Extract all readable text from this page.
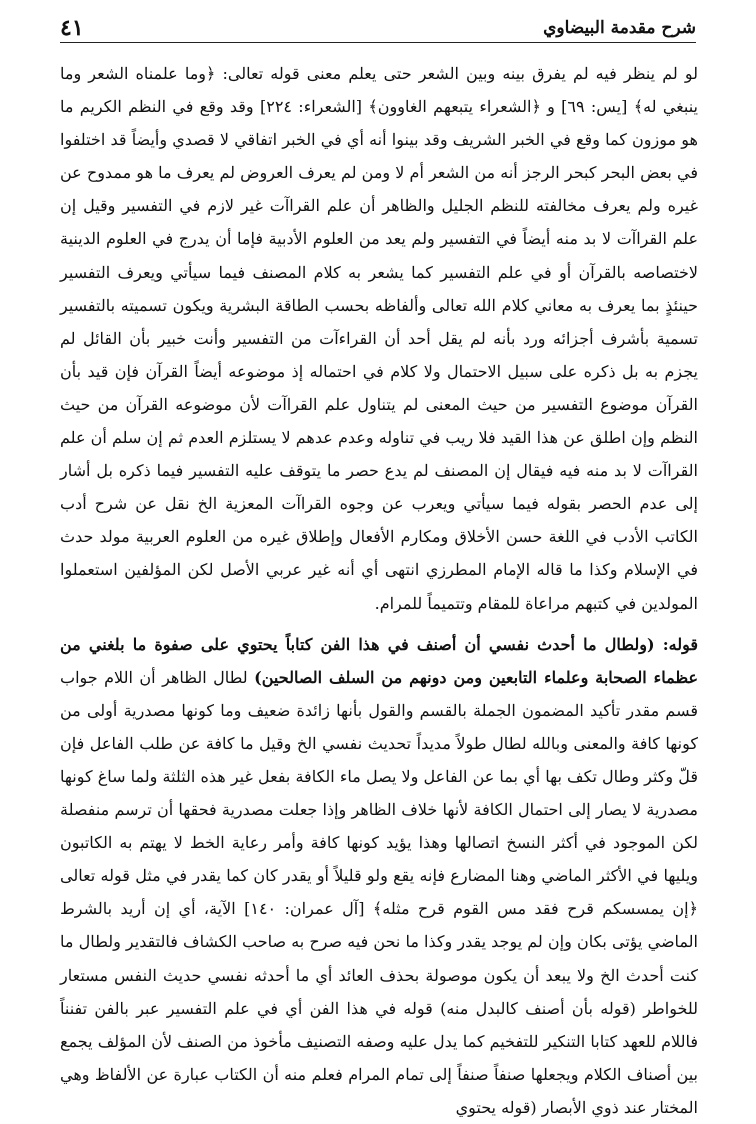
شرح مقدمة البيضاوي
٤١

لو لم ينظر فيه لم يفرق بينه وبين الشعر حتى يعلم معنى قوله تعالى: ﴿وما علمناه الشعر وما ينبغي له﴾ [يس: ٦٩] و ﴿الشعراء يتبعهم الغاوون﴾ [الشعراء: ٢٢٤] وقد وقع في النظم الكريم ما هو موزون كما وقع في الخبر الشريف وقد بينوا أنه أي في الخبر اتفاقي لا قصدي وأيضاً قد اختلفوا في بعض البحر كبحر الرجز أنه من الشعر أم لا ومن لم يعرف العروض لم يعرف ما هو ممدوح عن غيره ولم يعرف مخالفته للنظم الجليل والظاهر أن علم القراآت غير لازم في التفسير وقيل إن علم القراآت لا بد منه أيضاً في التفسير ولم يعد من العلوم الأدبية فإما أن يدرج في العلوم الدينية لاختصاصه بالقرآن أو في علم التفسير كما يشعر به كلام المصنف فيما سيأتي ويعرف التفسير حينئذٍ بما يعرف به معاني كلام الله تعالى وألفاظه بحسب الطاقة البشرية ويكون تسميته بالتفسير تسمية بأشرف أجزائه ورد بأنه لم يقل أحد أن القراءآت من التفسير وأنت خبير بأن القائل لم يجزم به بل ذكره على سبيل الاحتمال ولا كلام في احتماله إذ موضوعه أيضاً القرآن فإن قيد بأن القرآن موضوع التفسير من حيث المعنى لم يتناول علم القراآت لأن موضوعه القرآن من حيث النظم وإن اطلق عن هذا القيد فلا ريب في تناوله وعدم عدهم لا يستلزم العدم ثم إن سلم أن علم القراآت لا بد منه فيه فيقال إن المصنف لم يدع حصر ما يتوقف عليه التفسير فيما ذكره بل أشار إلى عدم الحصر بقوله فيما سيأتي ويعرب عن وجوه القراآت المعزية الخ نقل عن شرح أدب الكاتب الأدب في اللغة حسن الأخلاق ومكارم الأفعال وإطلاق غيره من العلوم العربية مولد حدث في الإسلام وكذا ما قاله الإمام المطرزي انتهى أي أنه غير عربي الأصل لكن المؤلفين استعملوا المولدين في كتبهم مراعاة للمقام وتتميماً للمرام.

قوله: (ولطال ما أحدث نفسي أن أصنف في هذا الفن كتاباً يحتوي على صفوة ما بلغني من عظماء الصحابة وعلماء التابعين ومن دونهم من السلف الصالحين) لطال الظاهر أن اللام جواب قسم مقدر تأكيد المضمون الجملة بالقسم والقول بأنها زائدة ضعيف وما كونها مصدرية أولى من كونها كافة والمعنى وبالله لطال طولاً مديداً تحديث نفسي الخ وقيل ما كافة عن طلب الفاعل فإن قلّ وكثر وطال تكف بها أي بما عن الفاعل ولا يصل ماء الكافة بفعل غير هذه الثلثة ولما ساغ كونها مصدرية لا يصار إلى احتمال الكافة لأنها خلاف الظاهر وإذا جعلت مصدرية فحقها أن ترسم منفصلة لكن الموجود في أكثر النسخ اتصالها وهذا يؤيد كونها كافة وأمر رعاية الخط لا يهتم به الكاتبون ويليها في الأكثر الماضي وهنا المضارع فإنه يقع ولو قليلاً أو يقدر كان كما يقدر في مثل قوله تعالى ﴿إن يمسسكم قرح فقد مس القوم قرح مثله﴾ [آل عمران: ١٤٠] الآية، أي إن أريد بالشرط الماضي يؤتى بكان وإن لم يوجد يقدر وكذا ما نحن فيه صرح به صاحب الكشاف فالتقدير ولطال ما كنت أحدث الخ ولا يبعد أن يكون موصولة بحذف العائد أي ما أحدثه نفسي حديث النفس مستعار للخواطر (قوله بأن أصنف كالبدل منه) قوله في هذا الفن أي في علم التفسير عبر بالفن تفنناً فاللام للعهد كتابا التنكير للتفخيم كما يدل عليه وصفه التصنيف مأخوذ من الصنف لأن المؤلف يجمع بين أصناف الكلام ويجعلها صنفاً صنفاً إلى تمام المرام فعلم منه أن الكتاب عبارة عن الألفاظ وهي المختار عند ذوي الأبصار (قوله يحتوي
